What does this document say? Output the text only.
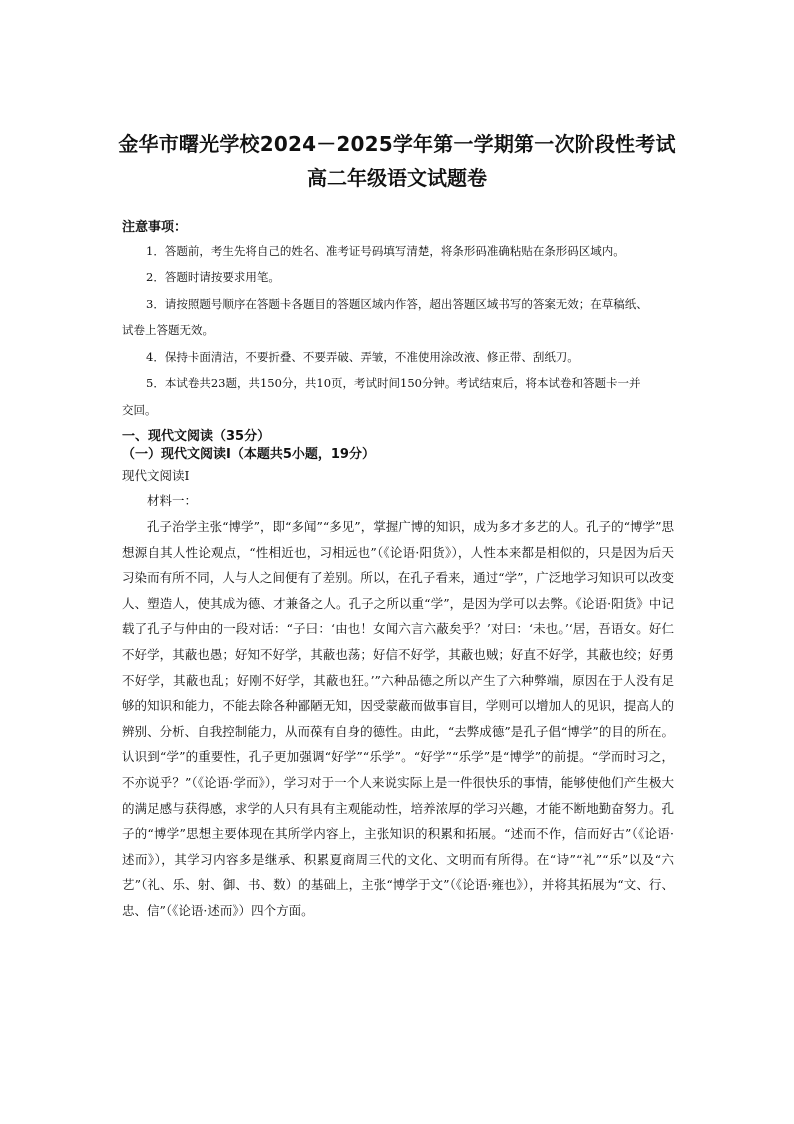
金华市曙光学校2024－2025学年第一学期第一次阶段性考试
高二年级语文试题卷
注意事项：
1．答题前，考生先将自己的姓名、准考证号码填写清楚，将条形码准确粘贴在条形码区域内。
2．答题时请按要求用笔。
3．请按照题号顺序在答题卡各题目的答题区域内作答，超出答题区域书写的答案无效；在草稿纸、
试卷上答题无效。
4．保持卡面清洁，不要折叠、不要弄破、弄皱，不准使用涂改液、修正带、刮纸刀。
5．本试卷共23题，共150分，共10页，考试时间150分钟。考试结束后，将本试卷和答题卡一并
交回。
一、现代文阅读（35分）
（一）现代文阅读Ⅰ（本题共5小题，19分）
现代文阅读Ⅰ
材料一：

孔子治学主张“博学”，即“多闻”“多见”，掌握广博的知识，成为多才多艺的人。孔子的“博学”思想源自其人性论观点，“性相近也，习相远也”（《论语·阳货》），人性本来都是相似的，只是因为后天习染而有所不同，人与人之间便有了差别。所以，在孔子看来，通过“学”，广泛地学习知识可以改变人、塑造人，使其成为德、才兼备之人。孔子之所以重“学”，是因为学可以去弊。《论语·阳货》中记载了孔子与仲由的一段对话：“子曰：‘由也！女闻六言六蔽矣乎？’对曰：‘未也。’‘居，吾语女。好仁不好学，其蔽也愚；好知不好学，其蔽也荡；好信不好学，其蔽也贼；好直不好学，其蔽也绞；好勇不好学，其蔽也乱；好刚不好学，其蔽也狂。’”六种品德之所以产生了六种弊端，原因在于人没有足够的知识和能力，不能去除各种鄙陋无知，因受蒙蔽而做事盲目，学则可以增加人的见识，提高人的辨别、分析、自我控制能力，从而葆有自身的德性。由此，“去弊成德”是孔子倡“博学”的目的所在。认识到“学”的重要性，孔子更加强调“好学”“乐学”。“好学”“乐学”是“博学”的前提。“学而时习之，不亦说乎？”（《论语·学而》），学习对于一个人来说实际上是一件很快乐的事情，能够使他们产生极大的满足感与获得感，求学的人只有具有主观能动性，培养浓厚的学习兴趣，才能不断地勤奋努力。孔子的“博学”思想主要体现在其所学内容上，主张知识的积累和拓展。“述而不作，信而好古”（《论语·述而》），其学习内容多是继承、积累夏商周三代的文化、文明而有所得。在“诗”“礼”“乐”以及“六艺”（礼、乐、射、御、书、数）的基础上，主张“博学于文”（《论语·雍也》），并将其拓展为“文、行、忠、信”（《论语·述而》）四个方面。
